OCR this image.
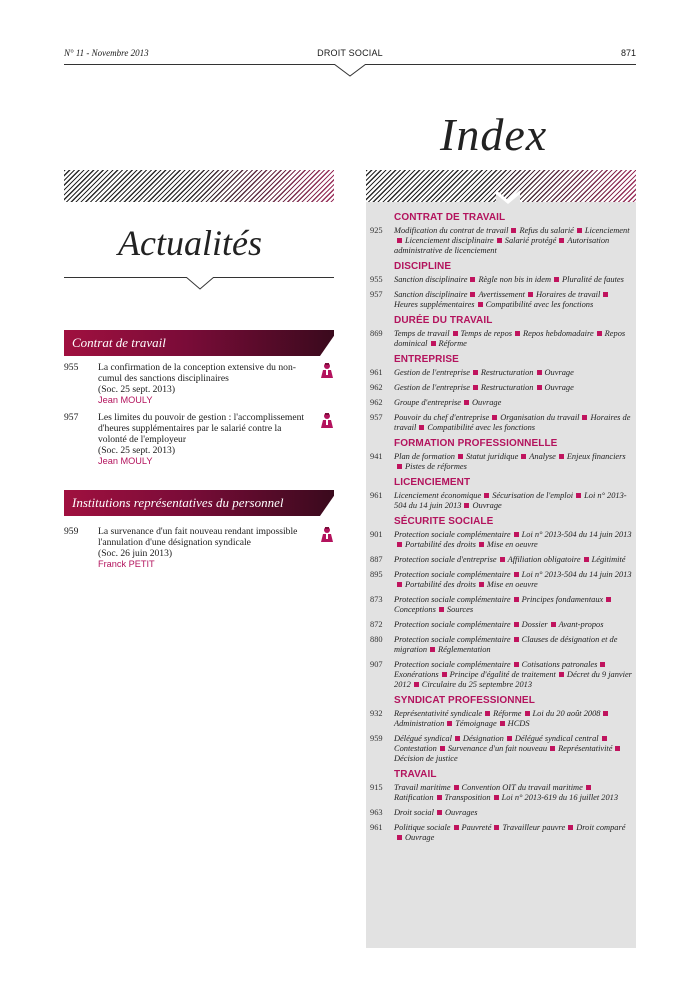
N° 11 - Novembre 2013	DROIT SOCIAL	871
Index
CONTRAT DE TRAVAIL
925	Modification du contrat de travail Refus du salarié LicenciementLicenciement disciplinaire Salarié protégé Autorisation administrative de licenciement
DISCIPLINE
955	Sanction disciplinaire Règle non bis in idem Pluralité de fautes
957	Sanction disciplinaire Avertissement Horaires de travailHeures supplémentaires Compatibilité avec les fonctions
DURÉE DU TRAVAIL
869	Temps de travail Temps de repos Repos hebdomadaire Repos dominical Réforme
ENTREPRISE
961	Gestion de l'entreprise Restructuration Ouvrage
962	Gestion de l'entreprise Restructuration Ouvrage
962	Groupe d'entreprise Ouvrage
957	Pouvoir du chef d'entreprise Organisation du travail Horaires de travail Compatibilité avec les fonctions
FORMATION PROFESSIONNELLE
941	Plan de formation Statut juridique Analyse Enjeux financiersPistes de réformes
LICENCIEMENT
961	Licenciement économique Sécurisation de l'emploi Loi n° 2013-504 du 14 juin 2013 Ouvrage
SÉCURITE SOCIALE
901	Protection sociale complémentaire Loi n° 2013-504 du 14 juin 2013Portabilité des droits Mise en oeuvre
887	Protection sociale d'entreprise Affiliation obligatoire Légitimité
895	Protection sociale complémentaire Loi n° 2013-504 du 14 juin 2013Portabilité des droits Mise en oeuvre
873	Protection sociale complémentaire Principes fondamentauxConceptions Sources
872	Protection sociale complémentaire Dossier Avant-propos
880	Protection sociale complémentaire Clauses de désignation et de migration Réglementation
907	Protection sociale complémentaire Cotisations patronalesExonérations Principe d'égalité de traitement Décret du 9 janvier 2012 Circulaire du 25 septembre 2013
SYNDICAT PROFESSIONNEL
932	Représentativité syndicale Réforme Loi du 20 août 2008Administration Témoignage HCDS
959	Délégué syndical Désignation Délégué syndical centralContestation Survenance d'un fait nouveau ReprésentativitéDécision de justice
TRAVAIL
915	Travail maritime Convention OIT du travail maritimeRatification Transposition Loi n° 2013-619 du 16 juillet 2013
963	Droit social Ouvrages
961	Politique sociale Pauvreté Travailleur pauvre Droit comparéOuvrage
Actualités
Contrat de travail
955 La confirmation de la conception extensive du non-cumul des sanctions disciplinaires
(Soc. 25 sept. 2013)
Jean MOULY
957 Les limites du pouvoir de gestion : l'accomplissement d'heures supplémentaires par le salarié contre la volonté de l'employeur
(Soc. 25 sept. 2013)
Jean MOULY
Institutions représentatives du personnel
959 La survenance d'un fait nouveau rendant impossible l'annulation d'une désignation syndicale
(Soc. 26 juin 2013)
Franck PETIT
